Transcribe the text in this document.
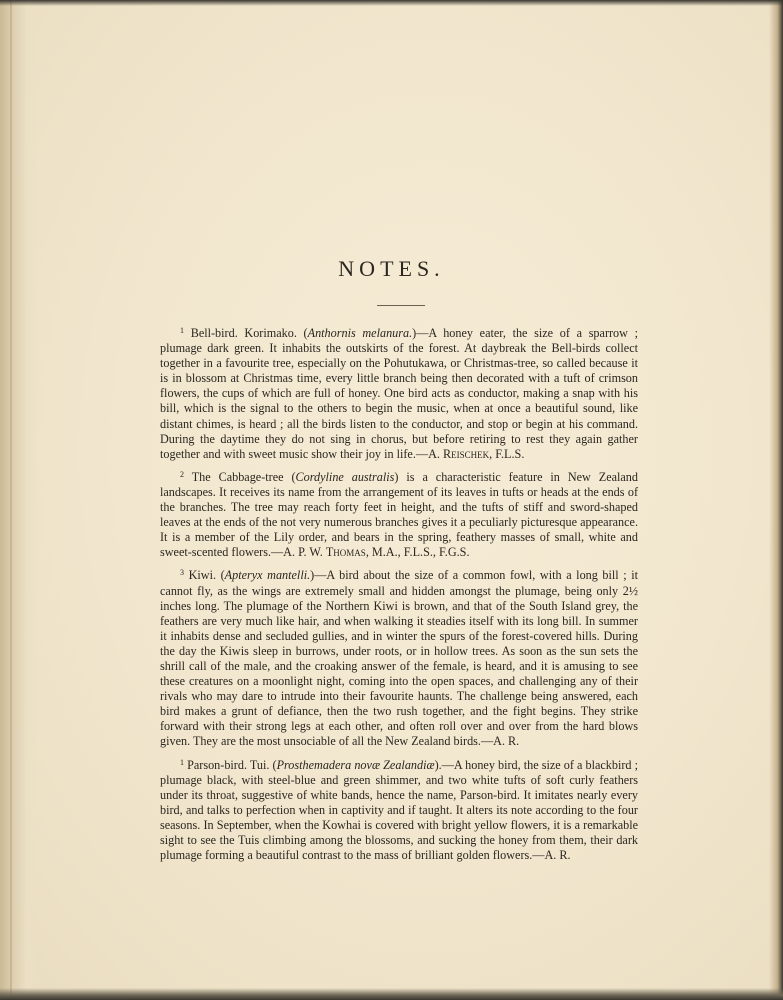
NOTES.

$^1$ Bell-bird. Korimako. (Anthornis melanura.)—A honey eater, the size of a sparrow ; plumage dark green. It inhabits the outskirts of the forest. At daybreak the Bell-birds collect together in a favourite tree, especially on the Pohutukawa, or Christmas-tree, so called because it is in blossom at Christmas time, every little branch being then decorated with a tuft of crimson flowers, the cups of which are full of honey. One bird acts as conductor, making a snap with his bill, which is the signal to the others to begin the music, when at once a beautiful sound, like distant chimes, is heard ; all the birds listen to the conductor, and stop or begin at his command. During the daytime they do not sing in chorus, but before retiring to rest they again gather together and with sweet music show their joy in life.—A. Reischek, F.L.S.

$^2$ The Cabbage-tree (Cordyline australis) is a characteristic feature in New Zealand landscapes. It receives its name from the arrangement of its leaves in tufts or heads at the ends of the branches. The tree may reach forty feet in height, and the tufts of stiff and sword-shaped leaves at the ends of the not very numerous branches gives it a peculiarly picturesque appearance. It is a member of the Lily order, and bears in the spring, feathery masses of small, white and sweet-scented flowers.—A. P. W. Thomas, M.A., F.L.S., F.G.S.

$^3$ Kiwi. (Apteryx mantelli.)—A bird about the size of a common fowl, with a long bill ; it cannot fly, as the wings are extremely small and hidden amongst the plumage, being only 2½ inches long. The plumage of the Northern Kiwi is brown, and that of the South Island grey, the feathers are very much like hair, and when walking it steadies itself with its long bill. In summer it inhabits dense and secluded gullies, and in winter the spurs of the forest-covered hills. During the day the Kiwis sleep in burrows, under roots, or in hollow trees. As soon as the sun sets the shrill call of the male, and the croaking answer of the female, is heard, and it is amusing to see these creatures on a moonlight night, coming into the open spaces, and challenging any of their rivals who may dare to intrude into their favourite haunts. The challenge being answered, each bird makes a grunt of defiance, then the two rush together, and the fight begins. They strike forward with their strong legs at each other, and often roll over and over from the hard blows given. They are the most unsociable of all the New Zealand birds.—A. R.

$^1$ Parson-bird. Tui. (Prosthemadera novæ Zealandiæ).—A honey bird, the size of a blackbird ; plumage black, with steel-blue and green shimmer, and two white tufts of soft curly feathers under its throat, suggestive of white bands, hence the name, Parson-bird. It imitates nearly every bird, and talks to perfection when in captivity and if taught. It alters its note according to the four seasons. In September, when the Kowhai is covered with bright yellow flowers, it is a remarkable sight to see the Tuis climbing among the blossoms, and sucking the honey from them, their dark plumage forming a beautiful contrast to the mass of brilliant golden flowers.—A. R.
